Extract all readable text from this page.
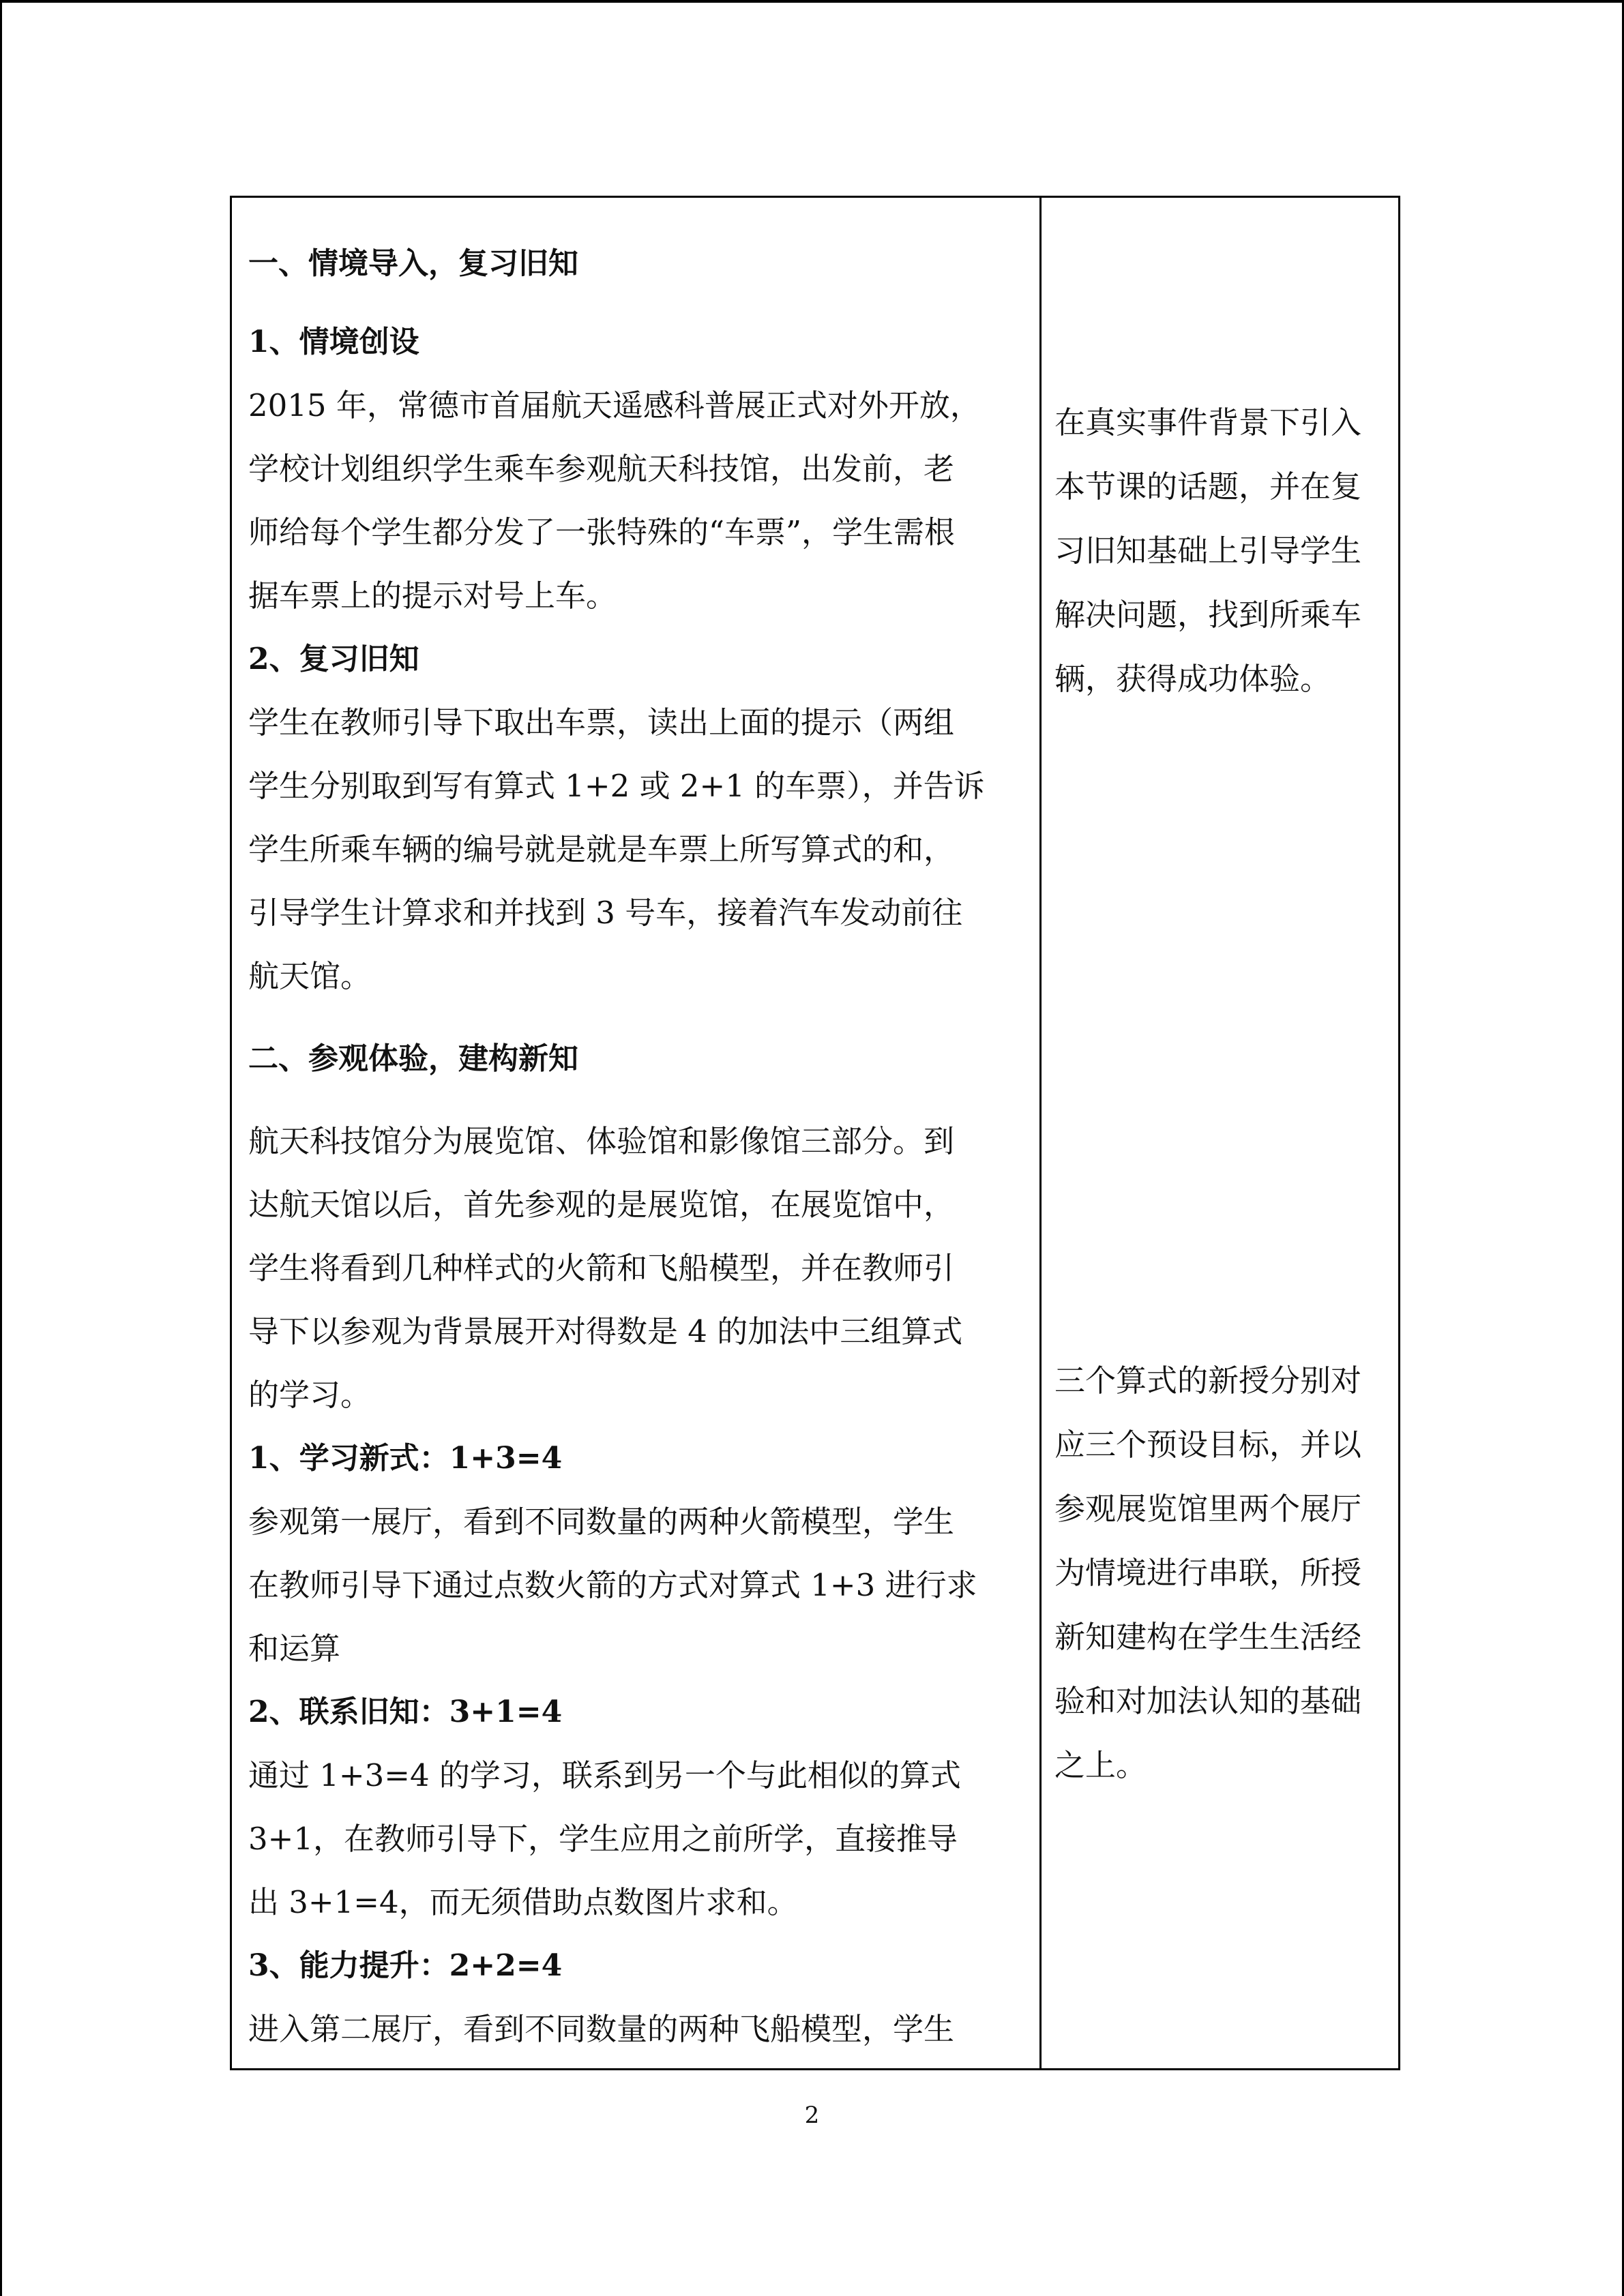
一、情境导入，复习旧知

1、情境创设

2015 年，常德市首届航天遥感科普展正式对外开放，

学校计划组织学生乘车参观航天科技馆，出发前，老

师给每个学生都分发了一张特殊的“车票”，学生需根

据车票上的提示对号上车。

2、复习旧知

学生在教师引导下取出车票，读出上面的提示（两组

学生分别取到写有算式 1+2 或 2+1 的车票），并告诉

学生所乘车辆的编号就是就是车票上所写算式的和，

引导学生计算求和并找到 3 号车，接着汽车发动前往

航天馆。

二、参观体验，建构新知

航天科技馆分为展览馆、体验馆和影像馆三部分。到

达航天馆以后，首先参观的是展览馆，在展览馆中，

学生将看到几种样式的火箭和飞船模型，并在教师引

导下以参观为背景展开对得数是 4 的加法中三组算式

的学习。

1、学习新式：1+3=4

参观第一展厅，看到不同数量的两种火箭模型，学生

在教师引导下通过点数火箭的方式对算式 1+3 进行求

和运算

2、联系旧知：3+1=4

通过 1+3=4 的学习，联系到另一个与此相似的算式

3+1，在教师引导下，学生应用之前所学，直接推导

出 3+1=4，而无须借助点数图片求和。

3、能力提升：2+2=4

进入第二展厅，看到不同数量的两种飞船模型，学生

在真实事件背景下引入

本节课的话题，并在复

习旧知基础上引导学生

解决问题，找到所乘车

辆，获得成功体验。

三个算式的新授分别对

应三个预设目标，并以

参观展览馆里两个展厅

为情境进行串联，所授

新知建构在学生生活经

验和对加法认知的基础

之上。

2
